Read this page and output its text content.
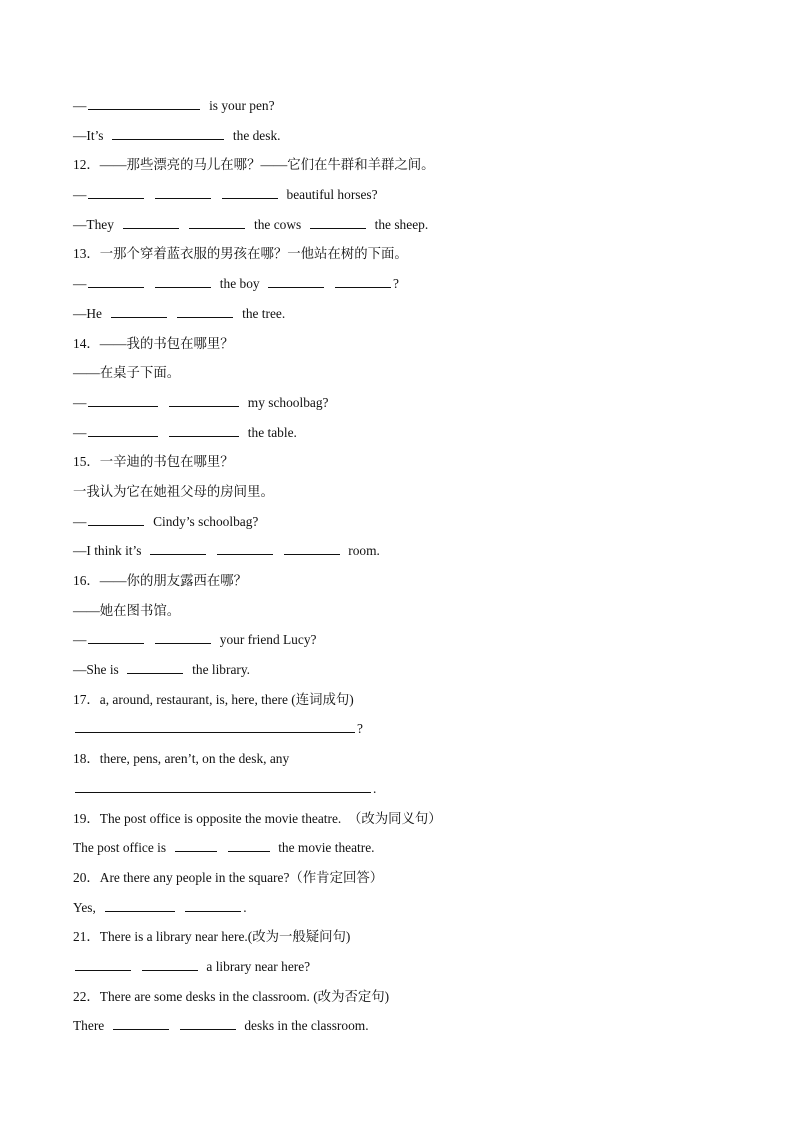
—	is your pen?
—It’s	the desk.
12．——那些漂亮的马儿在哪？——它们在牛群和羊群之间。
—	beautiful horses?
—They	the cows	the sheep.
13．一那个穿着蓝衣服的男孩在哪？一他站在树的下面。
—	the boy	?
—He	the tree.
14．——我的书包在哪里？
——在桌子下面。
—	my schoolbag?
—	the table.
15．一辛迪的书包在哪里？
一我认为它在她祖父母的房间里。
—	Cindy’s schoolbag?
—I think it’s	room.
16．——你的朋友露西在哪？
——她在图书馆。
—	your friend Lucy?
—She is	the library.
17．a, around, restaurant, is, here, there (连词成句)
?
18．there, pens, aren’t, on the desk, any
.
19．The post office is opposite the movie theatre.  （改为同义句）
The post office is	the movie theatre.
20．Are there any people in the square?（作肯定回答）
Yes,	.
21．There is a library near here.(改为一般疑问句)
a library near here?
22．There are some desks in the classroom. (改为否定句)
There	desks in the classroom.
